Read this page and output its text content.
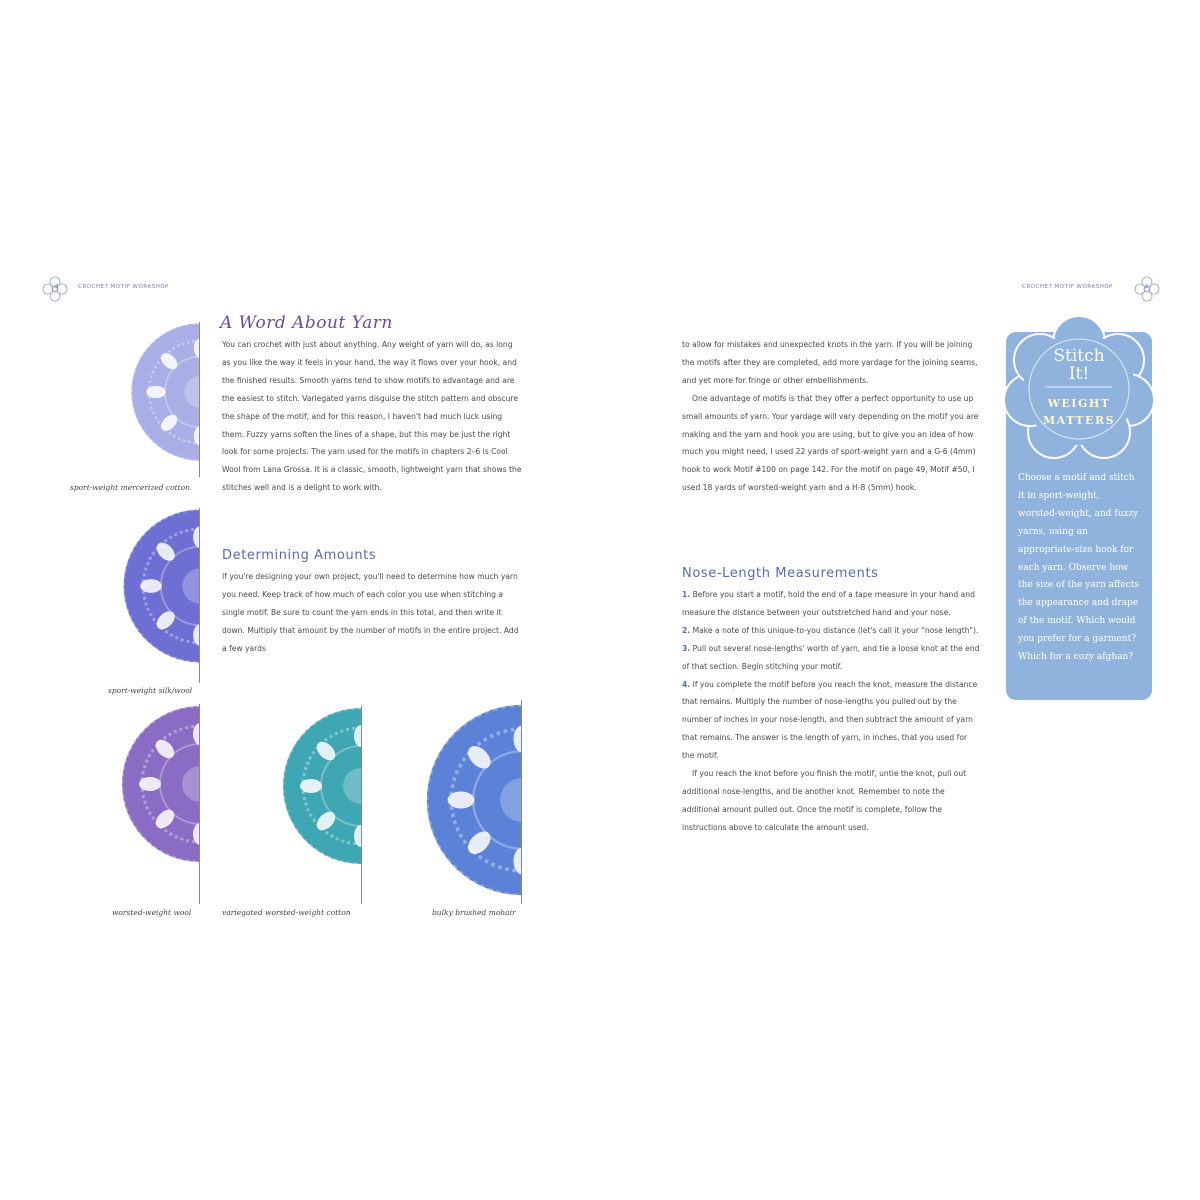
8	CROCHET MOTIF WORKSHOP	CROCHET MOTIF WORKSHOP	9
sport-weight mercerized cotton
sport-weight silk/wool
worsted-weight wool	variegated worsted-weight cotton	bulky brushed mohair
A Word About Yarn

You can crochet with just about anything. Any weight of yarn will do, as long as you like the way it feels in your hand, the way it flows over your hook, and the finished results. Smooth yarns tend to show motifs to advantage and are the easiest to stitch. Variegated yarns disguise the stitch pattern and obscure the shape of the motif, and for this reason, I haven't had much luck using them. Fuzzy yarns soften the lines of a shape, but this may be just the right look for some projects. The yarn used for the motifs in chapters 2–6 is Cool Wool from Lana Grossa. It is a classic, smooth, lightweight yarn that shows the stitches well and is a delight to work with.

Determining Amounts

If you're designing your own project, you'll need to determine how much yarn you need. Keep track of how much of each color you use when stitching a single motif. Be sure to count the yarn ends in this total, and then write it down. Multiply that amount by the number of motifs in the entire project. Add a few yards

to allow for mistakes and unexpected knots in the yarn. If you will be joining the motifs after they are completed, add more yardage for the joining seams, and yet more for fringe or other embellishments.

One advantage of motifs is that they offer a perfect opportunity to use up small amounts of yarn. Your yardage will vary depending on the motif you are making and the yarn and hook you are using, but to give you an idea of how much you might need, I used 22 yards of sport-weight yarn and a G-6 (4mm) hook to work Motif #100 on page 142. For the motif on page 49, Motif #50, I used 18 yards of worsted-weight yarn and a H-8 (5mm) hook.

Nose-Length Measurements

1. Before you start a motif, hold the end of a tape measure in your hand and measure the distance between your outstretched hand and your nose.

2. Make a note of this unique-to-you distance (let's call it your "nose length").

3. Pull out several nose-lengths' worth of yarn, and tie a loose knot at the end of that section. Begin stitching your motif.

4. If you complete the motif before you reach the knot, measure the distance that remains. Multiply the number of nose-lengths you pulled out by the number of inches in your nose-length, and then subtract the amount of yarn that remains. The answer is the length of yarn, in inches, that you used for the motif.

If you reach the knot before you finish the motif, untie the knot, pull out additional nose-lengths, and tie another knot. Remember to note the additional amount pulled out. Once the motif is complete, follow the instructions above to calculate the amount used.

Stitch
It!
WEIGHT
MATTERS
Choose a motif and stitch it in sport-weight, worsted-weight, and fuzzy yarns, using an appropriate-size hook for each yarn. Observe how the size of the yarn affects the appearance and drape of the motif. Which would you prefer for a garment? Which for a cozy afghan?
